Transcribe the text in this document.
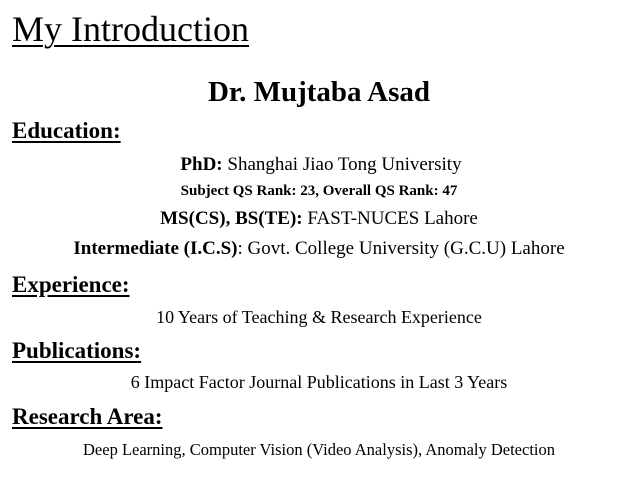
My Introduction
Dr. Mujtaba Asad
Education:
PhD: Shanghai Jiao Tong University
Subject QS Rank: 23, Overall QS Rank: 47
MS(CS), BS(TE): FAST-NUCES Lahore
Intermediate (I.C.S): Govt. College University (G.C.U) Lahore
Experience:
10 Years of Teaching & Research Experience
Publications:
6 Impact Factor Journal Publications in Last 3 Years
Research Area:
Deep Learning, Computer Vision (Video Analysis), Anomaly Detection
